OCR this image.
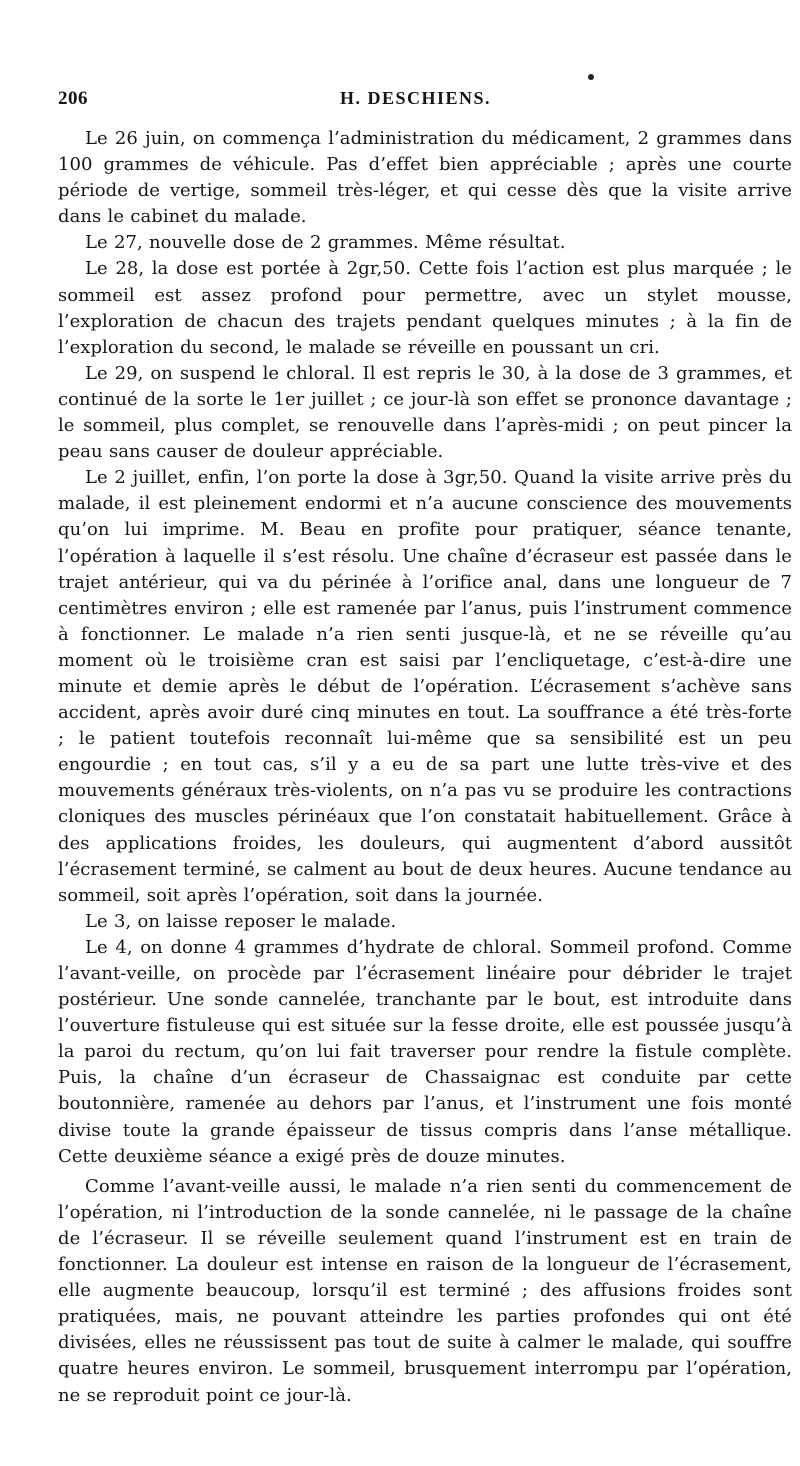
206	H. DESCHIENS.

Le 26 juin, on commença l’administration du médicament, 2 grammes dans 100 grammes de véhicule. Pas d’effet bien appréciable ; après une courte période de vertige, sommeil très-léger, et qui cesse dès que la visite arrive dans le cabinet du malade.

Le 27, nouvelle dose de 2 grammes. Même résultat.

Le 28, la dose est portée à 2gr,50. Cette fois l’action est plus marquée ; le sommeil est assez profond pour permettre, avec un stylet mousse, l’exploration de chacun des trajets pendant quelques minutes ; à la fin de l’exploration du second, le malade se réveille en poussant un cri.

Le 29, on suspend le chloral. Il est repris le 30, à la dose de 3 grammes, et continué de la sorte le 1er juillet ; ce jour-là son effet se prononce davantage ; le sommeil, plus complet, se renouvelle dans l’après-midi ; on peut pincer la peau sans causer de douleur appréciable.

Le 2 juillet, enfin, l’on porte la dose à 3gr,50. Quand la visite arrive près du malade, il est pleinement endormi et n’a aucune conscience des mouvements qu’on lui imprime. M. Beau en profite pour pratiquer, séance tenante, l’opération à laquelle il s’est résolu. Une chaîne d’écraseur est passée dans le trajet antérieur, qui va du périnée à l’orifice anal, dans une longueur de 7 centimètres environ ; elle est ramenée par l’anus, puis l’instrument commence à fonctionner. Le malade n’a rien senti jusque-là, et ne se réveille qu’au moment où le troisième cran est saisi par l’encliquetage, c’est-à-dire une minute et demie après le début de l’opération. L’écrasement s’achève sans accident, après avoir duré cinq minutes en tout. La souffrance a été très-forte ; le patient toutefois reconnaît lui-même que sa sensibilité est un peu engourdie ; en tout cas, s’il y a eu de sa part une lutte très-vive et des mouvements généraux très-violents, on n’a pas vu se produire les contractions cloniques des muscles périnéaux que l’on constatait habituellement. Grâce à des applications froides, les douleurs, qui augmentent d’abord aussitôt l’écrasement terminé, se calment au bout de deux heures. Aucune tendance au sommeil, soit après l’opération, soit dans la journée.

Le 3, on laisse reposer le malade.

Le 4, on donne 4 grammes d’hydrate de chloral. Sommeil profond. Comme l’avant-veille, on procède par l’écrasement linéaire pour débrider le trajet postérieur. Une sonde cannelée, tranchante par le bout, est introduite dans l’ouverture fistuleuse qui est située sur la fesse droite, elle est poussée jusqu’à la paroi du rectum, qu’on lui fait traverser pour rendre la fistule complète. Puis, la chaîne d’un écraseur de Chassaignac est conduite par cette boutonnière, ramenée au dehors par l’anus, et l’instrument une fois monté divise toute la grande épaisseur de tissus compris dans l’anse métallique. Cette deuxième séance a exigé près de douze minutes.

Comme l’avant-veille aussi, le malade n’a rien senti du commencement de l’opération, ni l’introduction de la sonde cannelée, ni le passage de la chaîne de l’écraseur. Il se réveille seulement quand l’instrument est en train de fonctionner. La douleur est intense en raison de la longueur de l’écrasement, elle augmente beaucoup, lorsqu’il est terminé ; des affusions froides sont pratiquées, mais, ne pouvant atteindre les parties profondes qui ont été divisées, elles ne réussissent pas tout de suite à calmer le malade, qui souffre quatre heures environ. Le sommeil, brusquement interrompu par l’opération, ne se reproduit point ce jour-là.
